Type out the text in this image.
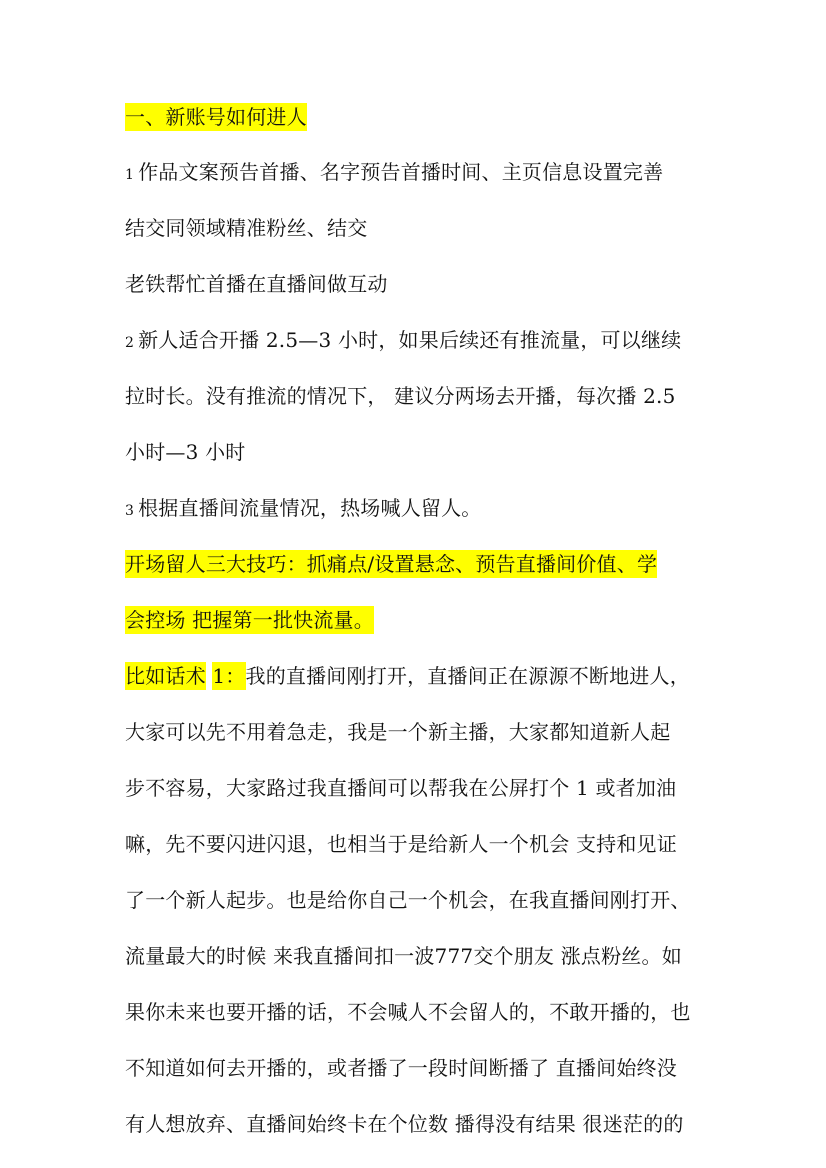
一、新账号如何进人
1 作品文案预告首播、名字预告首播时间、主页信息设置完善
结交同领域精准粉丝、结交
老铁帮忙首播在直播间做互动
2 新人适合开播 2.5—3 小时，如果后续还有推流量，可以继续
拉时长。没有推流的情况下， 建议分两场去开播，每次播 2.5
小时—3 小时
3 根据直播间流量情况，热场喊人留人。
开场留人三大技巧：抓痛点/设置悬念、预告直播间价值、学
会控场 把握第一批快流量。
比如话术 1：我的直播间刚打开，直播间正在源源不断地进人，
大家可以先不用着急走，我是一个新主播，大家都知道新人起
步不容易，大家路过我直播间可以帮我在公屏打个 1 或者加油
嘛，先不要闪进闪退，也相当于是给新人一个机会 支持和见证
了一个新人起步。也是给你自己一个机会，在我直播间刚打开、
流量最大的时候 来我直播间扣一波777交个朋友 涨点粉丝。如
果你未来也要开播的话，不会喊人不会留人的，不敢开播的，也
不知道如何去开播的，或者播了一段时间断播了 直播间始终没
有人想放弃、直播间始终卡在个位数 播得没有结果 很迷茫的的
